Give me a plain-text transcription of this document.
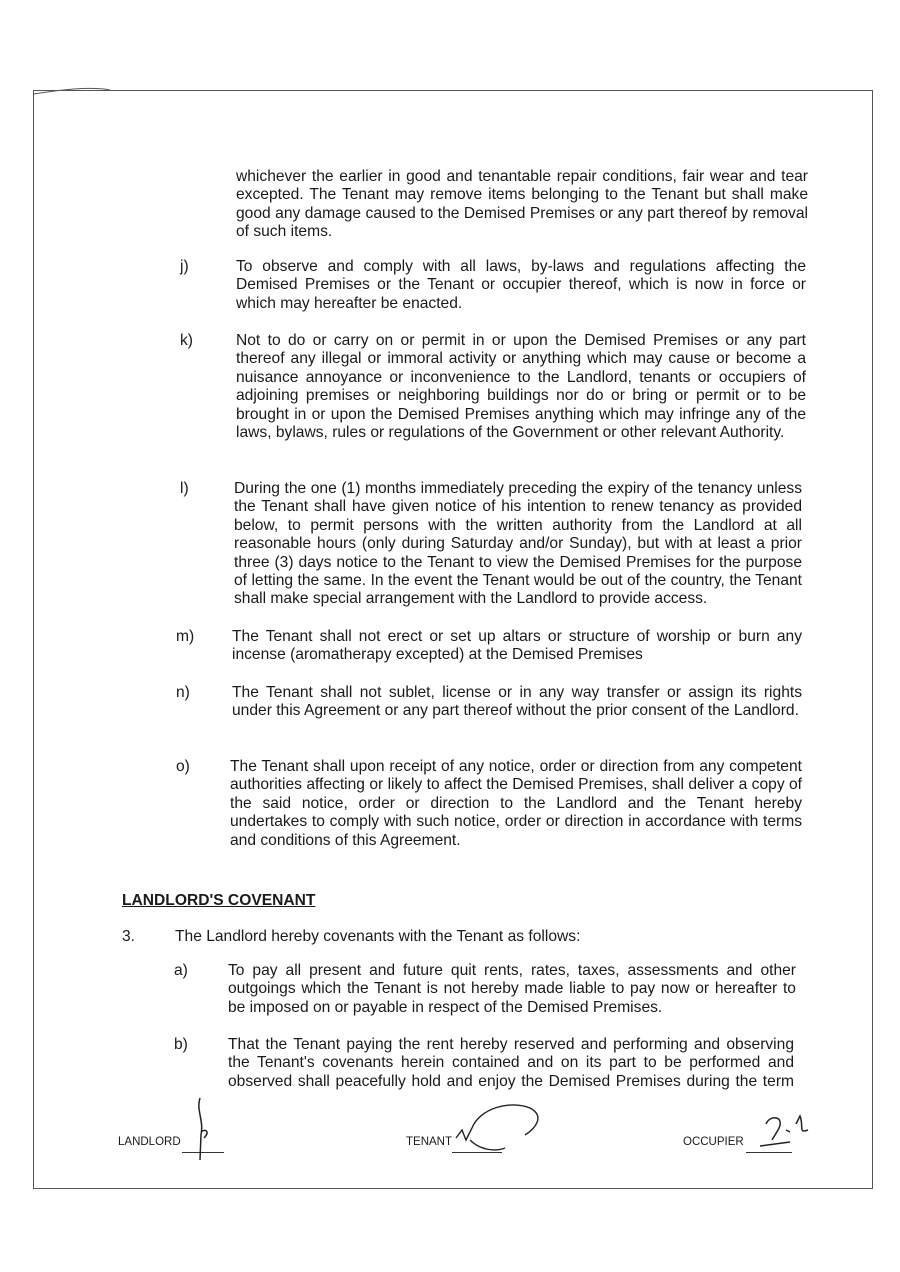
whichever the earlier in good and tenantable repair conditions, fair wear and tear excepted. The Tenant may remove items belonging to the Tenant but shall make good any damage caused to the Demised Premises or any part thereof by removal of such items.
j)	To observe and comply with all laws, by-laws and regulations affecting the Demised Premises or the Tenant or occupier thereof, which is now in force or which may hereafter be enacted.
k)	Not to do or carry on or permit in or upon the Demised Premises or any part thereof any illegal or immoral activity or anything which may cause or become a nuisance annoyance or inconvenience to the Landlord, tenants or occupiers of adjoining premises or neighboring buildings nor do or bring or permit or to be brought in or upon the Demised Premises anything which may infringe any of the laws, bylaws, rules or regulations of the Government or other relevant Authority.
l)	During the one (1) months immediately preceding the expiry of the tenancy unless the Tenant shall have given notice of his intention to renew tenancy as provided below, to permit persons with the written authority from the Landlord at all reasonable hours (only during Saturday and/or Sunday), but with at least a prior three (3) days notice to the Tenant to view the Demised Premises for the purpose of letting the same. In the event the Tenant would be out of the country, the Tenant shall make special arrangement with the Landlord to provide access.
m) The Tenant shall not erect or set up altars or structure of worship or burn any incense (aromatherapy excepted) at the Demised Premises
n)	The Tenant shall not sublet, license or in any way transfer or assign its rights under this Agreement or any part thereof without the prior consent of the Landlord.
o)	The Tenant shall upon receipt of any notice, order or direction from any competent authorities affecting or likely to affect the Demised Premises, shall deliver a copy of the said notice, order or direction to the Landlord and the Tenant hereby undertakes to comply with such notice, order or direction in accordance with terms and conditions of this Agreement.
LANDLORD'S COVENANT
3.	The Landlord hereby covenants with the Tenant as follows:
a)	To pay all present and future quit rents, rates, taxes, assessments and other outgoings which the Tenant is not hereby made liable to pay now or hereafter to be imposed on or payable in respect of the Demised Premises.
b)	That the Tenant paying the rent hereby reserved and performing and observing the Tenant's covenants herein contained and on its part to be performed and observed shall peacefully hold and enjoy the Demised Premises during the term
LANDLORD	TENANT	OCCUPIER
